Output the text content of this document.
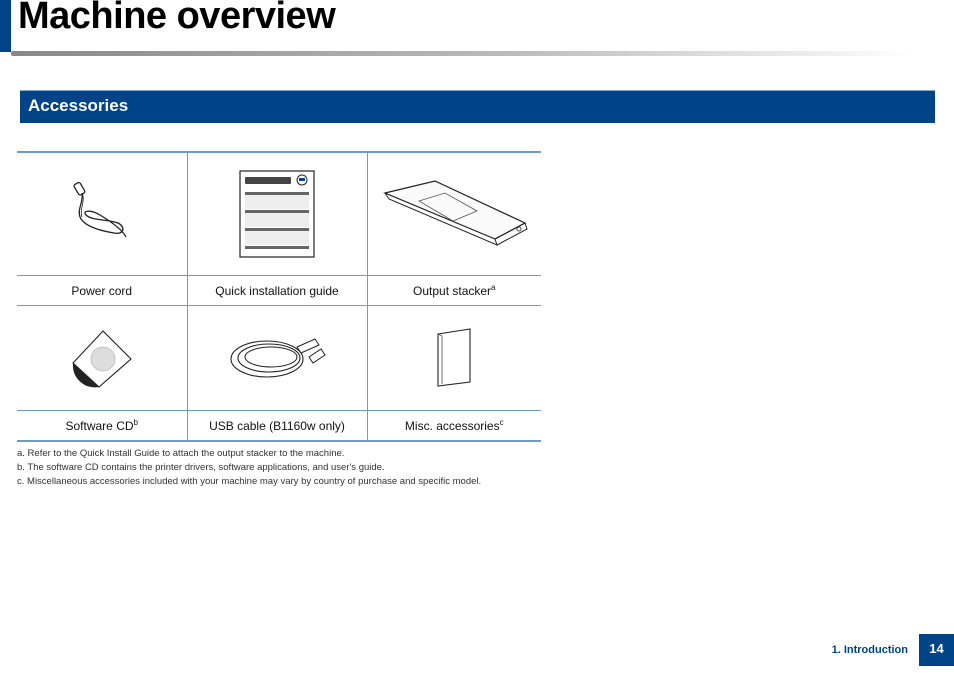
Machine overview
Accessories

Power cord	Quick installation guide	Output stacker$^a$

Software $CD^b$	USB cable (B1160w only)	Misc. accessories$^c$
a. Refer to the Quick Install Guide to attach the output stacker to the machine.
b. The software CD contains the printer drivers, software applications, and user's guide.
c. Miscellaneous accessories included with your machine may vary by country of purchase and specific model.
1. Introduction	14
